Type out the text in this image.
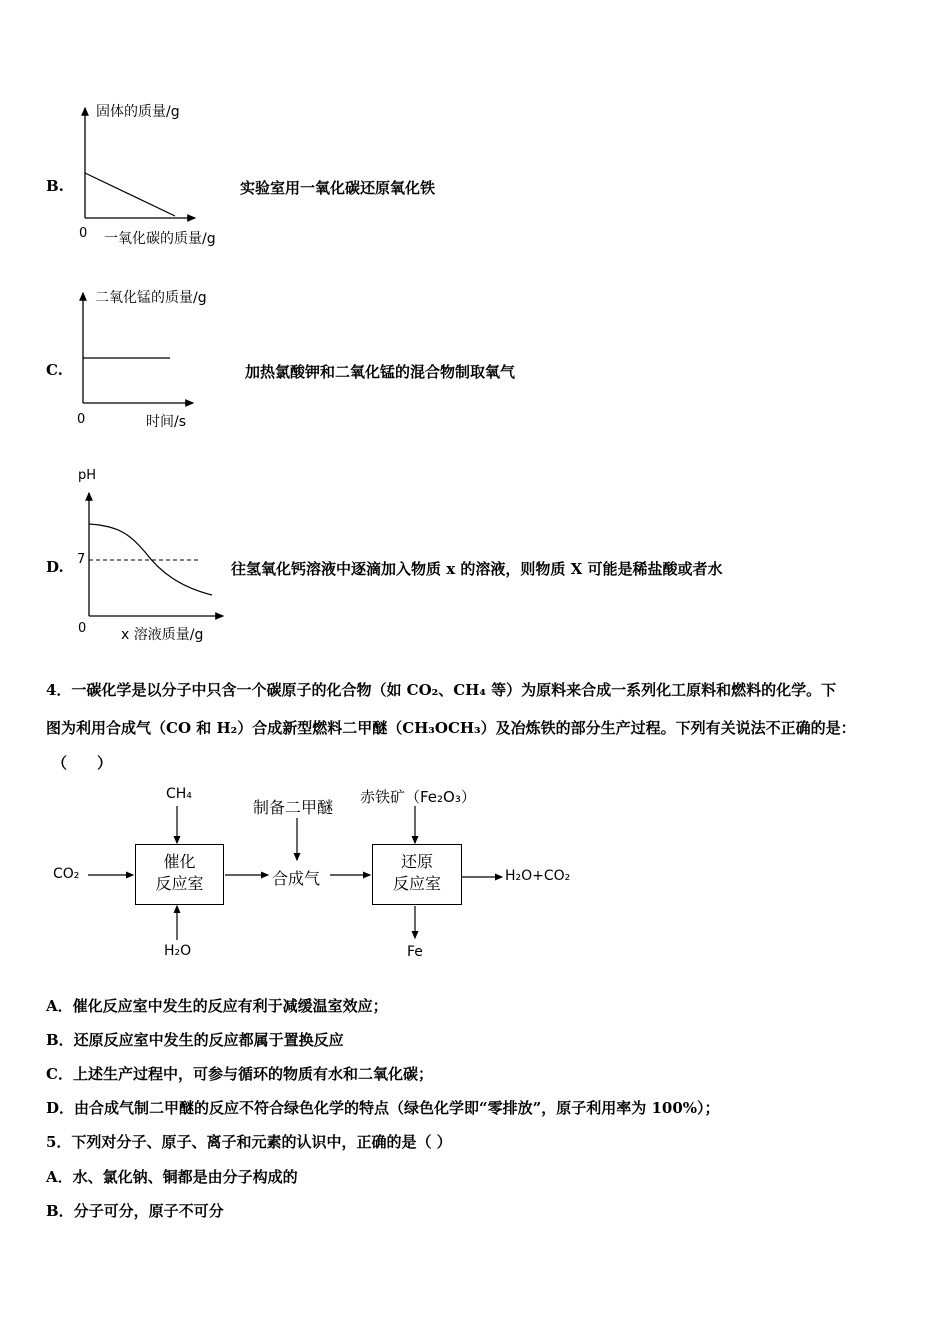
B.
固体的质量/g
0 一氧化碳的质量/g
实验室用一氧化碳还原氧化铁
C.
二氧化锰的质量/g
0	时间/s
加热氯酸钾和二氧化锰的混合物制取氧气
D.
pH
7
0 x 溶液质量/g
往氢氧化钙溶液中逐滴加入物质 x 的溶液，则物质 X 可能是稀盐酸或者水
4．一碳化学是以分子中只含一个碳原子的化合物（如 CO₂、CH₄ 等）为原料来合成一系列化工原料和燃料的化学。下
图为利用合成气（CO 和 H₂）合成新型燃料二甲醚（CH₃OCH₃）及冶炼铁的部分生产过程。下列有关说法不正确的是：
（　　）
CH₄
CO₂
催化
反应室
H₂O
制备二甲醚
合成气
赤铁矿（Fe₂O₃）
还原
反应室	H₂O+CO₂
Fe
A．催化反应室中发生的反应有利于减缓温室效应；
B．还原反应室中发生的反应都属于置换反应
C．上述生产过程中，可参与循环的物质有水和二氧化碳；
D．由合成气制二甲醚的反应不符合绿色化学的特点（绿色化学即“零排放”，原子利用率为 100%）；
5．下列对分子、原子、离子和元素的认识中，正确的是（ ）
A．水、氯化钠、铜都是由分子构成的
B．分子可分，原子不可分
